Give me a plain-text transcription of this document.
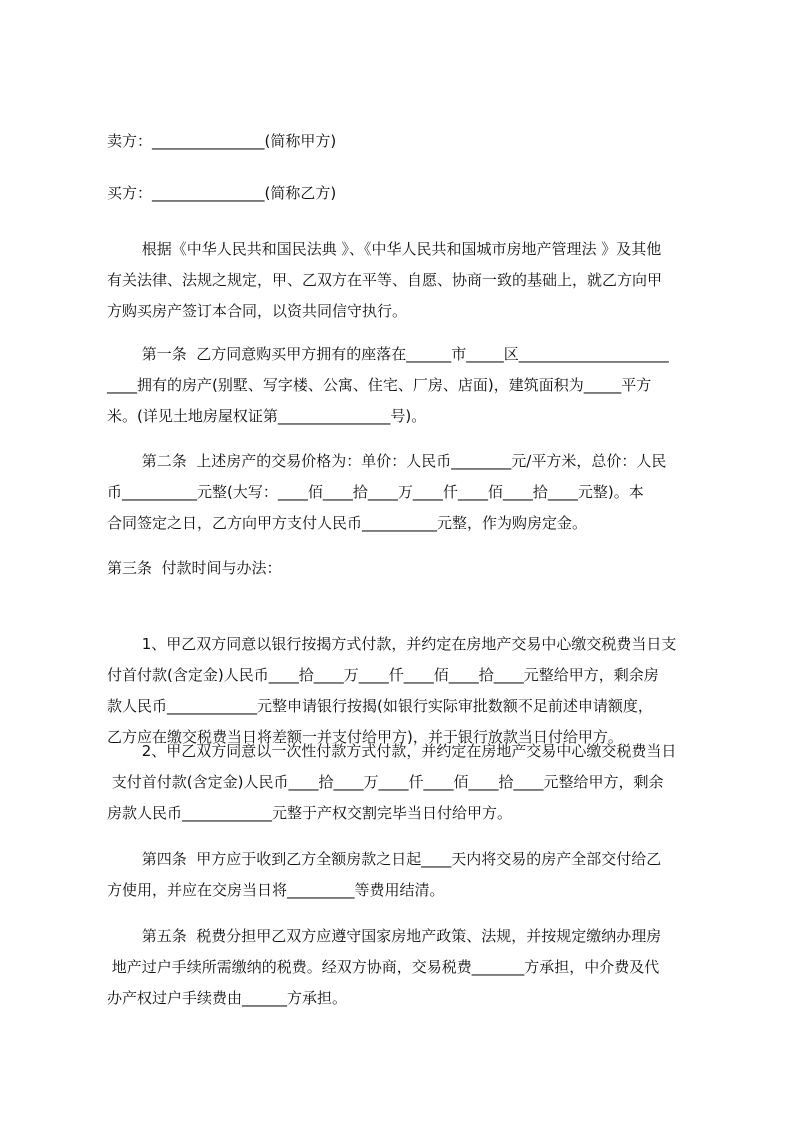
　　卖方：_______________(简称甲方)
　　买方：_______________(简称乙方)
　　 根据《中华人民共和国民法典 》、《中华人民共和国城市房地产管理法 》及其他
有关法律、法规之规定，甲、乙双方在平等、自愿、协商一致的基础上，就乙方向甲
方购买房产签订本合同，以资共同信守执行。
　　 第一条  乙方同意购买甲方拥有的座落在______市_____区____________________
____拥有的房产(别墅、写字楼、公寓、住宅、厂房、店面)，建筑面积为_____平方
米。(详见土地房屋权证第_______________号)。
　　 第二条  上述房产的交易价格为：单价：人民币________元/平方米，总价：人民
币__________元整(大写：____佰____拾____万____仟____佰____拾____元整)。本
合同签定之日，乙方向甲方支付人民币__________元整，作为购房定金。
　　第三条  付款时间与办法：
　　 1、甲乙双方同意以银行按揭方式付款，并约定在房地产交易中心缴交税费当日支
付首付款(含定金)人民币____拾____万____仟____佰____拾____元整给甲方，剩余房
款人民币____________元整申请银行按揭(如银行实际审批数额不足前述申请额度，
乙方应在缴交税费当日将差额一并支付给甲方)，并于银行放款当日付给甲方。
　　 2、甲乙双方同意以一次性付款方式付款，并约定在房地产交易中心缴交税费当日
支付首付款(含定金)人民币____拾____万____仟____佰____拾____元整给甲方，剩余
房款人民币____________元整于产权交割完毕当日付给甲方。
　　 第四条  甲方应于收到乙方全额房款之日起____天内将交易的房产全部交付给乙
方使用，并应在交房当日将_________等费用结清。
　　 第五条  税费分担甲乙双方应遵守国家房地产政策、法规，并按规定缴纳办理房
地产过户手续所需缴纳的税费。经双方协商，交易税费_______方承担，中介费及代
办产权过户手续费由______方承担。
